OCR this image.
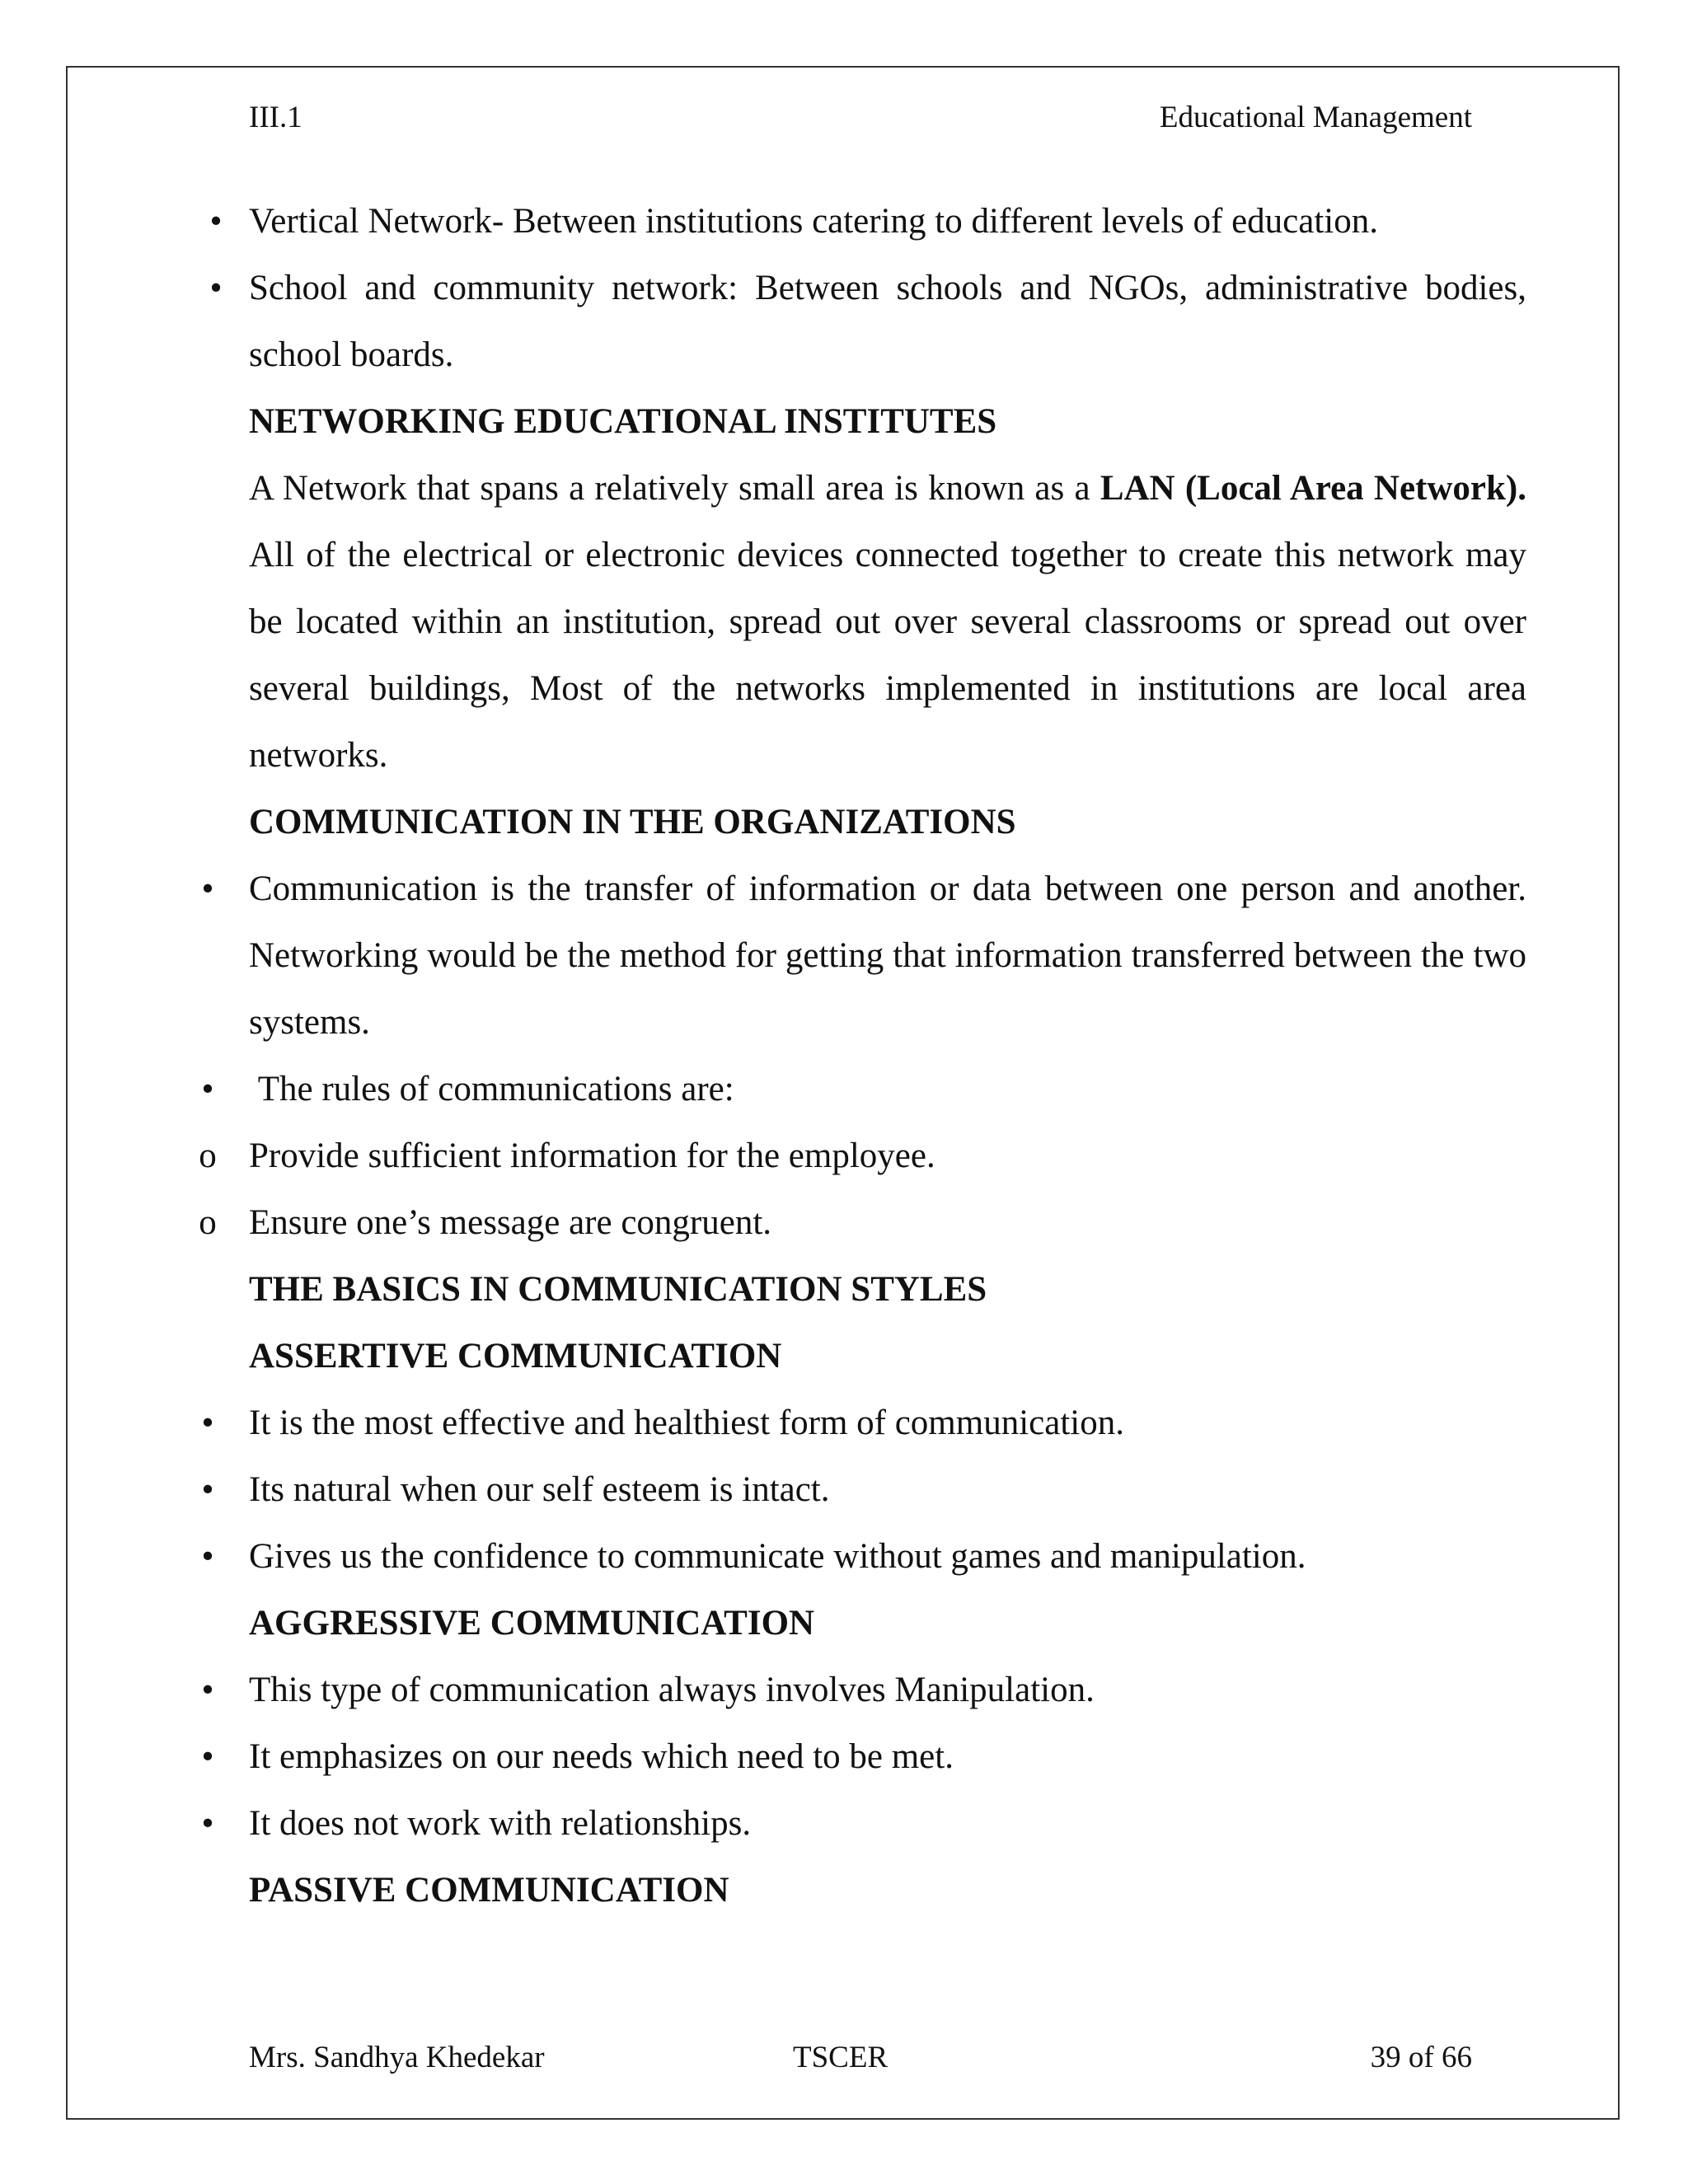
III.1	Educational Management
• Vertical Network- Between institutions catering to different levels of education.
• School and community network: Between schools and NGOs, administrative bodies, school boards.

NETWORKING EDUCATIONAL INSTITUTES

A Network that spans a relatively small area is known as a LAN (Local Area Network). All of the electrical or electronic devices connected together to create this network may be located within an institution, spread out over several classrooms or spread out over several buildings, Most of the networks implemented in institutions are local area networks.

COMMUNICATION IN THE ORGANIZATIONS

• Communication is the transfer of information or data between one person and another. Networking would be the method for getting that information transferred between the two systems.
• The rules of communications are:
o Provide sufficient information for the employee.
o Ensure one’s message are congruent.

THE BASICS IN COMMUNICATION STYLES

ASSERTIVE COMMUNICATION

• It is the most effective and healthiest form of communication.
• Its natural when our self esteem is intact.
• Gives us the confidence to communicate without games and manipulation.

AGGRESSIVE COMMUNICATION

• This type of communication always involves Manipulation.
• It emphasizes on our needs which need to be met.
• It does not work with relationships.

PASSIVE COMMUNICATION

Mrs. Sandhya Khedekar	TSCER	39 of 66
